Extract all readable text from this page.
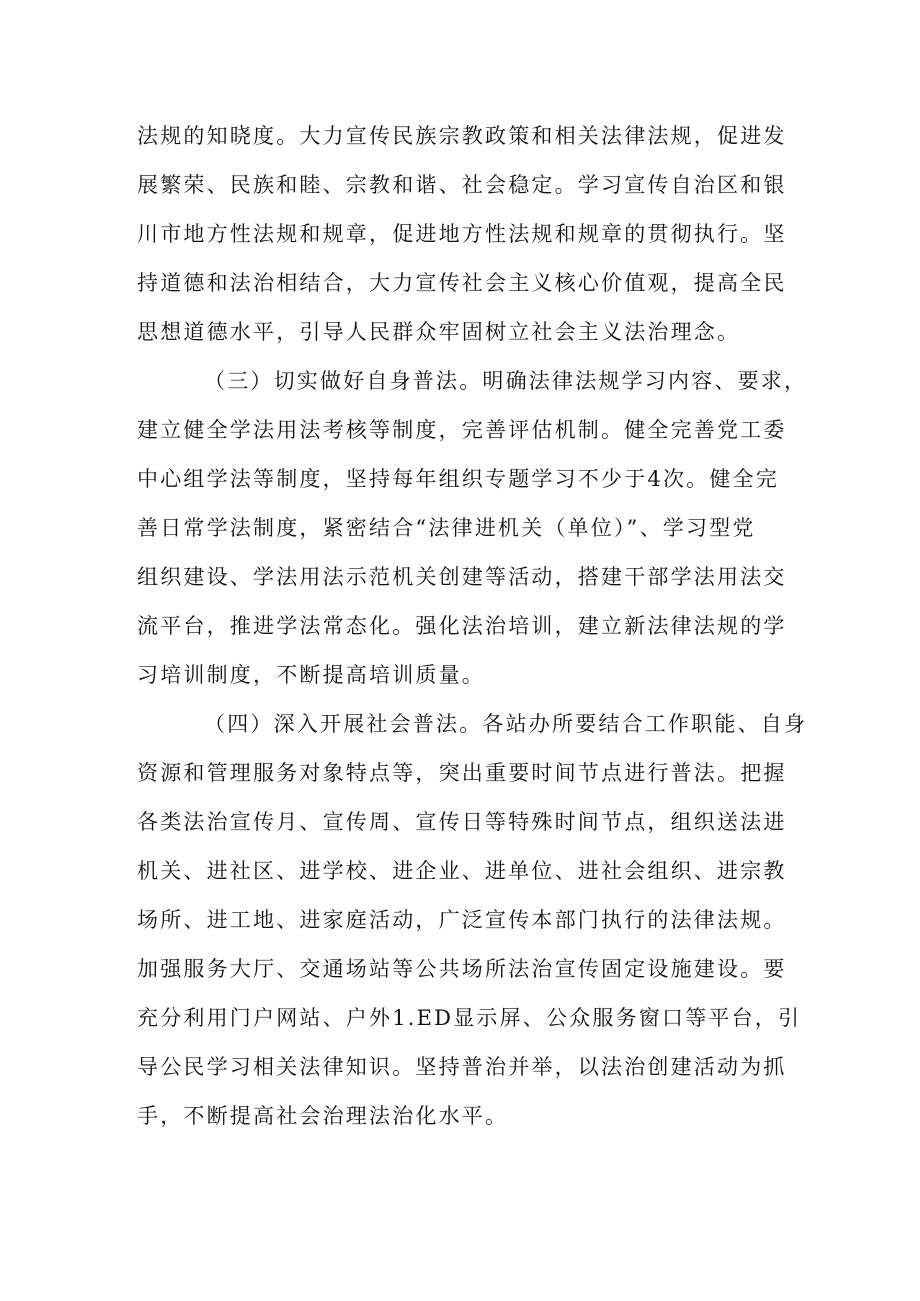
法规的知晓度。大力宣传民族宗教政策和相关法律法规，促进发
展繁荣、民族和睦、宗教和谐、社会稳定。学习宣传自治区和银
川市地方性法规和规章，促进地方性法规和规章的贯彻执行。坚
持道德和法治相结合，大力宣传社会主义核心价值观，提高全民
思想道德水平，引导人民群众牢固树立社会主义法治理念。
（三）切实做好自身普法。明确法律法规学习内容、要求，
建立健全学法用法考核等制度，完善评估机制。健全完善党工委
中心组学法等制度，坚持每年组织专题学习不少于4次。健全完
善日常学法制度，紧密结合“法律进机关（单位）”、学习型党
组织建设、学法用法示范机关创建等活动，搭建干部学法用法交
流平台，推进学法常态化。强化法治培训，建立新法律法规的学
习培训制度，不断提高培训质量。
（四）深入开展社会普法。各站办所要结合工作职能、自身
资源和管理服务对象特点等，突出重要时间节点进行普法。把握
各类法治宣传月、宣传周、宣传日等特殊时间节点，组织送法进
机关、进社区、进学校、进企业、进单位、进社会组织、进宗教
场所、进工地、进家庭活动，广泛宣传本部门执行的法律法规。
加强服务大厅、交通场站等公共场所法治宣传固定设施建设。要
充分利用门户网站、户外1.ED显示屏、公众服务窗口等平台，引
导公民学习相关法律知识。坚持普治并举，以法治创建活动为抓
手，不断提高社会治理法治化水平。
